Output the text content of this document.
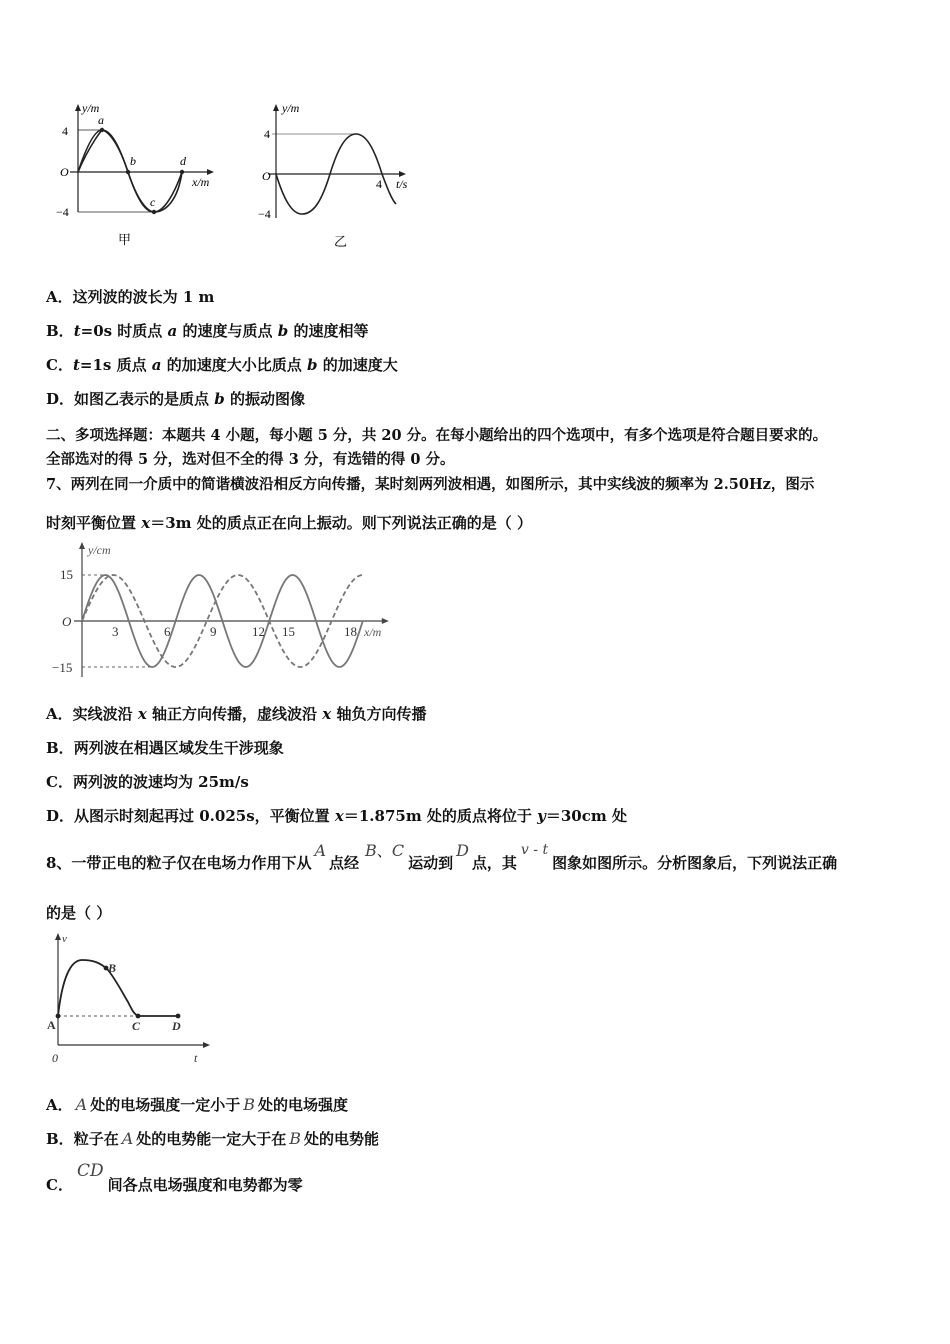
y/m
x/m
4
−4
O
a
b
c
d
甲
y/m
t/s
4
−4
O
4
乙
A．这列波的波长为 1 m
B．t=0s 时质点 a 的速度与质点 b 的速度相等
C．t=1s 质点 a 的加速度大小比质点 b 的加速度大
D．如图乙表示的是质点 b 的振动图像
二、多项选择题：本题共 4 小题，每小题 5 分，共 20 分。在每小题给出的四个选项中，有多个选项是符合题目要求的。
全部选对的得 5 分，选对但不全的得 3 分，有选错的得 0 分。
7、两列在同一介质中的简谐横波沿相反方向传播，某时刻两列波相遇，如图所示，其中实线波的频率为 2.50Hz，图示
时刻平衡位置 x＝3m 处的质点正在向上振动。则下列说法正确的是（ ）
y/cm
x/m
15
−15
O
3	6	9	12 15	18
A．实线波沿 x 轴正方向传播，虚线波沿 x 轴负方向传播
B．两列波在相遇区域发生干涉现象
C．两列波的波速均为 25m/s
D．从图示时刻起再过 0.025s，平衡位置 x＝1.875m 处的质点将位于 y＝30cm 处
8、一带正电的粒子仅在电场力作用下从A点经B、C运动到D点，其v - t图象如图所示。分析图象后，下列说法正确
的是（ ）
v
t
0
A
B
C	D
A． A 处的电场强度一定小于 B 处的电场强度
B．粒子在 A 处的电势能一定大于在 B 处的电势能
C．CD间各点电场强度和电势都为零
